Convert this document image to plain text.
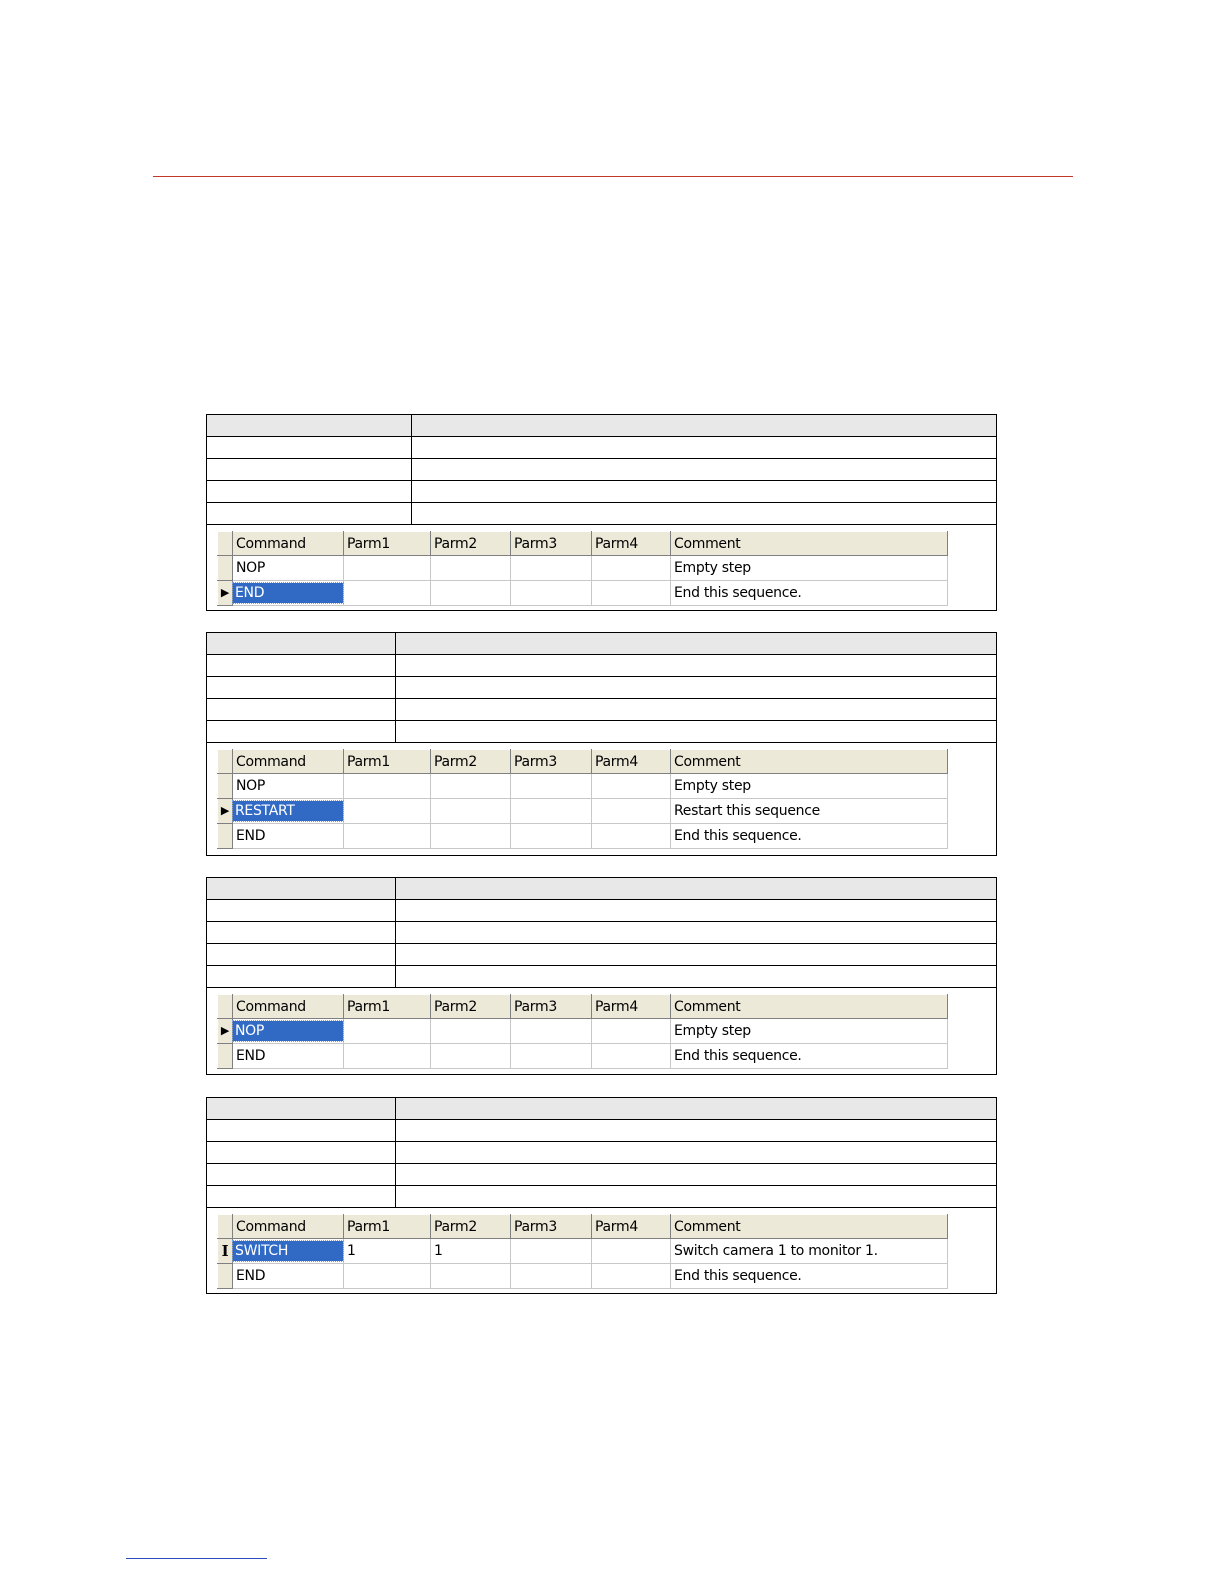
	Command	Parm1	Parm2	Parm3	Parm4	Comment
	NOP					Empty step

▶	END					End this sequence.

	Command	Parm1	Parm2	Parm3	Parm4	Comment
	NOP					Empty step

▶	RESTART					Restart this sequence
	END					End this sequence.

	Command	Parm1	Parm2	Parm3	Parm4	Comment

▶	NOP					Empty step
	END					End this sequence.

	Command	Parm1	Parm2	Parm3	Parm4	Comment

I	SWITCH	1	1			Switch camera 1 to monitor 1.
	END					End this sequence.
